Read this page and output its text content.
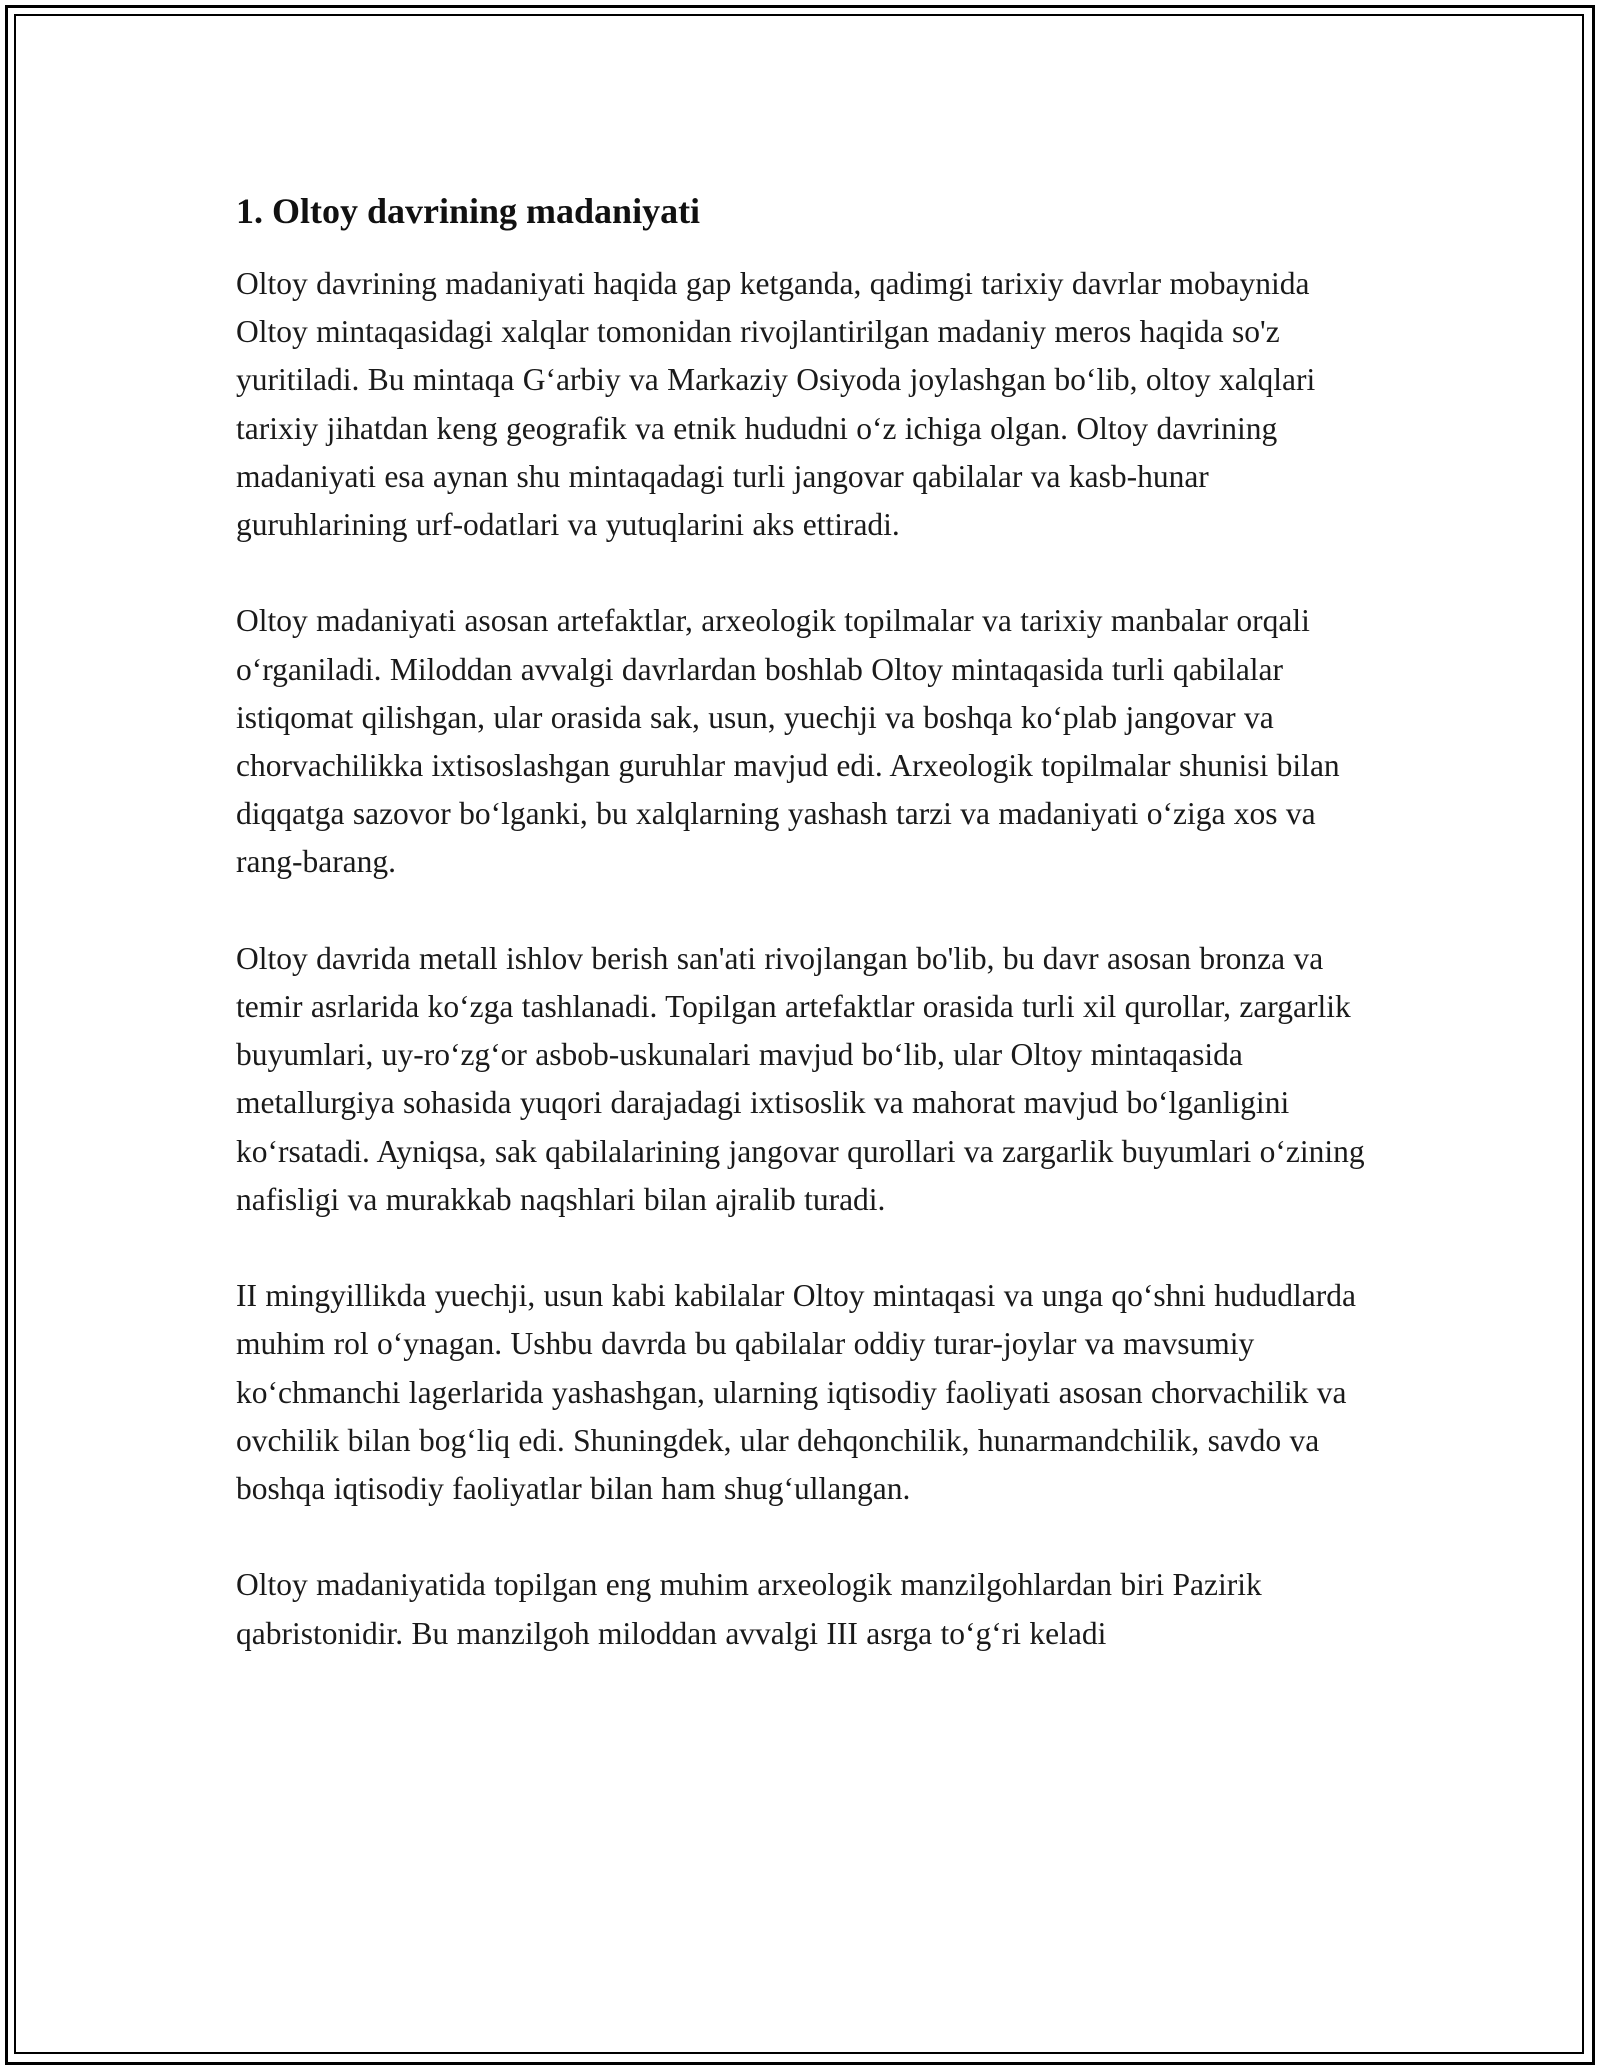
1. Oltoy davrining madaniyati

Oltoy davrining madaniyati haqida gap ketganda, qadimgi tarixiy davrlar mobaynida Oltoy mintaqasidagi xalqlar tomonidan rivojlantirilgan madaniy meros haqida so'z yuritiladi. Bu mintaqa G‘arbiy va Markaziy Osiyoda joylashgan bo‘lib, oltoy xalqlari tarixiy jihatdan keng geografik va etnik hududni o‘z ichiga olgan. Oltoy davrining madaniyati esa aynan shu mintaqadagi turli jangovar qabilalar va kasb-hunar guruhlarining urf-odatlari va yutuqlarini aks ettiradi.

Oltoy madaniyati asosan artefaktlar, arxeologik topilmalar va tarixiy manbalar orqali o‘rganiladi. Miloddan avvalgi davrlardan boshlab Oltoy mintaqasida turli qabilalar istiqomat qilishgan, ular orasida sak, usun, yuechji va boshqa ko‘plab jangovar va chorvachilikka ixtisoslashgan guruhlar mavjud edi. Arxeologik topilmalar shunisi bilan diqqatga sazovor bo‘lganki, bu xalqlarning yashash tarzi va madaniyati o‘ziga xos va rang-barang.

Oltoy davrida metall ishlov berish san'ati rivojlangan bo'lib, bu davr asosan bronza va temir asrlarida ko‘zga tashlanadi. Topilgan artefaktlar orasida turli xil qurollar, zargarlik buyumlari, uy-ro‘zg‘or asbob-uskunalari mavjud bo‘lib, ular Oltoy mintaqasida metallurgiya sohasida yuqori darajadagi ixtisoslik va mahorat mavjud bo‘lganligini ko‘rsatadi. Ayniqsa, sak qabilalarining jangovar qurollari va zargarlik buyumlari o‘zining nafisligi va murakkab naqshlari bilan ajralib turadi.

II mingyillikda yuechji, usun kabi kabilalar Oltoy mintaqasi va unga qo‘shni hududlarda muhim rol o‘ynagan. Ushbu davrda bu qabilalar oddiy turar-joylar va mavsumiy ko‘chmanchi lagerlarida yashashgan, ularning iqtisodiy faoliyati asosan chorvachilik va ovchilik bilan bog‘liq edi. Shuningdek, ular dehqonchilik, hunarmandchilik, savdo va boshqa iqtisodiy faoliyatlar bilan ham shug‘ullangan.

Oltoy madaniyatida topilgan eng muhim arxeologik manzilgohlardan biri Pazirik qabristonidir. Bu manzilgoh miloddan avvalgi III asrga to‘g‘ri keladi
